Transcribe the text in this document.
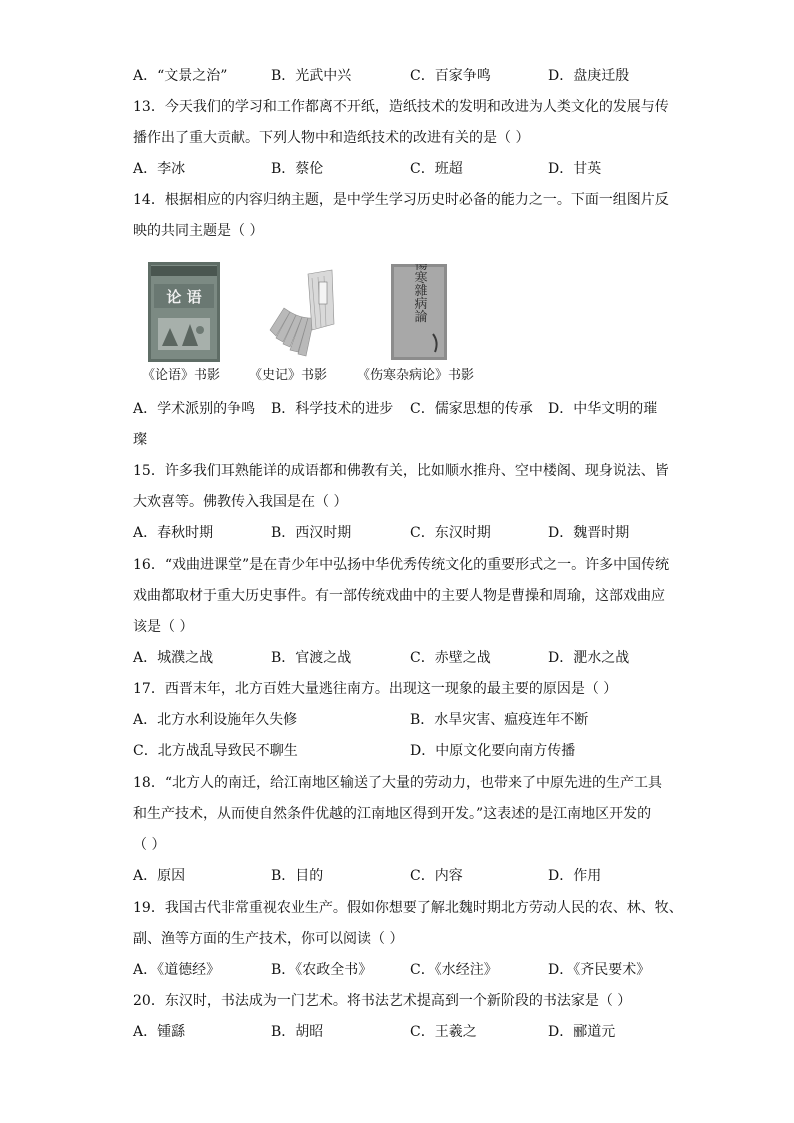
A．“文景之治”	B．光武中兴	C．百家争鸣	D．盘庚迁殷
13．今天我们的学习和工作都离不开纸，造纸技术的发明和改进为人类文化的发展与传
播作出了重大贡献。下列人物中和造纸技术的改进有关的是（ ）
A．李冰	B．蔡伦	C．班超	D．甘英
14．根据相应的内容归纳主题，是中学生学习历史时必备的能力之一。下面一组图片反
映的共同主题是（ ）
论 语	傷寒雜病論
《论语》书影 《史记》书影 《伤寒杂病论》书影
A．学术派别的争鸣 B．科学技术的进步 C．儒家思想的传承 D．中华文明的璀
璨
15．许多我们耳熟能详的成语都和佛教有关，比如顺水推舟、空中楼阁、现身说法、皆
大欢喜等。佛教传入我国是在（ ）
A．春秋时期	B．西汉时期	C．东汉时期	D．魏晋时期
16．“戏曲进课堂”是在青少年中弘扬中华优秀传统文化的重要形式之一。许多中国传统
戏曲都取材于重大历史事件。有一部传统戏曲中的主要人物是曹操和周瑜，这部戏曲应
该是（ ）
A．城濮之战	B．官渡之战	C．赤壁之战	D．淝水之战
17．西晋末年，北方百姓大量逃往南方。出现这一现象的最主要的原因是（ ）
A．北方水利设施年久失修	B．水旱灾害、瘟疫连年不断
C．北方战乱导致民不聊生	D．中原文化要向南方传播
18．“北方人的南迁，给江南地区输送了大量的劳动力，也带来了中原先进的生产工具
和生产技术，从而使自然条件优越的江南地区得到开发。”这表述的是江南地区开发的
（ ）
A．原因	B．目的	C．内容	D．作用
19．我国古代非常重视农业生产。假如你想要了解北魏时期北方劳动人民的农、林、牧、
副、渔等方面的生产技术，你可以阅读（ ）
A．《道德经》	B．《农政全书》	C．《水经注》	D．《齐民要术》
20．东汉时，书法成为一门艺术。将书法艺术提高到一个新阶段的书法家是（ ）
A．锺繇	B．胡昭	C．王羲之	D．郦道元
